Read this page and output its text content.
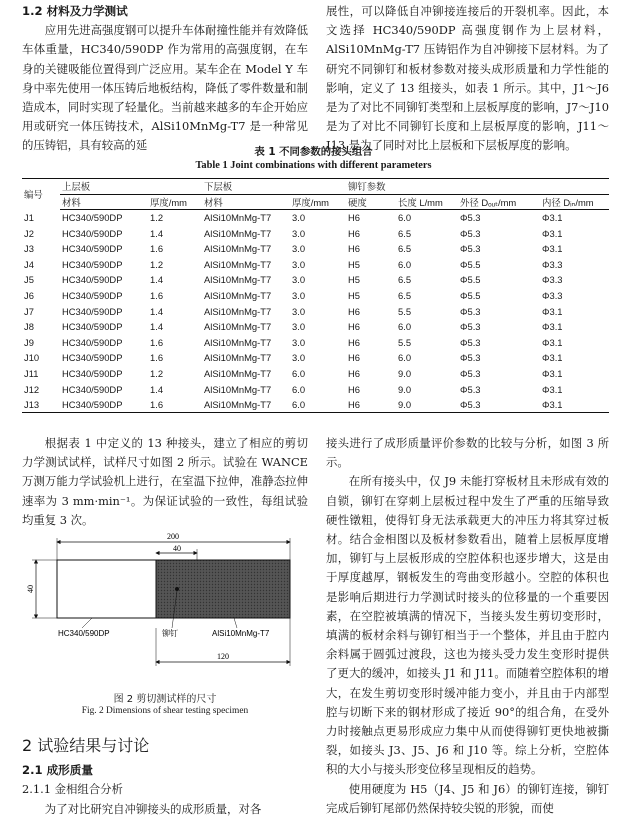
1.2 材料及力学测试
应用先进高强度钢可以提升车体耐撞性能并有效降低车体重量，HC340/590DP 作为常用的高强度钢，在车身的关键吸能位置得到广泛应用。某车企在 Model Y 车身中率先使用一体压铸后地板结构，降低了零件数量和制造成本，同时实现了轻量化。当前越来越多的车企开始应用或研究一体压铸技术，AlSi10MnMg-T7 是一种常见的压铸铝，具有较高的延
展性，可以降低自冲铆接连接后的开裂机率。因此，本文选择 HC340/590DP 高强度钢作为上层材料，AlSi10MnMg-T7 压铸铝作为自冲铆接下层材料。为了研究不同铆钉和板材参数对接头成形质量和力学性能的影响，定义了 13 组接头，如表 1 所示。其中，J1～J6 是为了对比不同铆钉类型和上层板厚度的影响，J7～J10 是为了对比不同铆钉长度和上层板厚度的影响，J11～J13 是为了同时对比上层板和下层板厚度的影响。
表 1 不同参数的接头组合
Table 1 Joint combinations with different parameters
编号	上层板		下层板		铆钉参数			
	材料	厚度/mm	材料	厚度/mm	硬度	长度 L/mm	外径 Dₒᵤₜ/mm	内径 Dᵢₙ/mm
J1	HC340/590DP	1.2	AlSi10MnMg-T7	3.0	H6	6.0	Φ5.3	Φ3.1
J2	HC340/590DP	1.4	AlSi10MnMg-T7	3.0	H6	6.5	Φ5.3	Φ3.1
J3	HC340/590DP	1.6	AlSi10MnMg-T7	3.0	H6	6.5	Φ5.3	Φ3.1
J4	HC340/590DP	1.2	AlSi10MnMg-T7	3.0	H5	6.0	Φ5.5	Φ3.3
J5	HC340/590DP	1.4	AlSi10MnMg-T7	3.0	H5	6.5	Φ5.5	Φ3.3
J6	HC340/590DP	1.6	AlSi10MnMg-T7	3.0	H5	6.5	Φ5.5	Φ3.3
J7	HC340/590DP	1.4	AlSi10MnMg-T7	3.0	H6	5.5	Φ5.3	Φ3.1
J8	HC340/590DP	1.4	AlSi10MnMg-T7	3.0	H6	6.0	Φ5.3	Φ3.1
J9	HC340/590DP	1.6	AlSi10MnMg-T7	3.0	H6	5.5	Φ5.3	Φ3.1
J10	HC340/590DP	1.6	AlSi10MnMg-T7	3.0	H6	6.0	Φ5.3	Φ3.1
J11	HC340/590DP	1.2	AlSi10MnMg-T7	6.0	H6	9.0	Φ5.3	Φ3.1
J12	HC340/590DP	1.4	AlSi10MnMg-T7	6.0	H6	9.0	Φ5.3	Φ3.1
J13	HC340/590DP	1.6	AlSi10MnMg-T7	6.0	H6	9.0	Φ5.3	Φ3.1
根据表 1 中定义的 13 种接头，建立了相应的剪切力学测试试样，试样尺寸如图 2 所示。试验在 WANCE 万测万能力学试验机上进行，在室温下拉伸，准静态拉伸速率为 3 mm·min⁻¹。为保证试验的一致性，每组试验均重复 3 次。
200
40
40
HC340/590DP	铆钉	AlSi10MnMg-T7
120
图 2 剪切测试样的尺寸
Fig. 2 Dimensions of shear testing specimen
2 试验结果与讨论
2.1 成形质量
2.1.1 金相组合分析
为了对比研究自冲铆接头的成形质量，对各
接头进行了成形质量评价参数的比较与分析，如图 3 所示。
在所有接头中，仅 J9 未能打穿板材且未形成有效的自锁，铆钉在穿刺上层板过程中发生了严重的压缩导致硬性镦粗，使得钉身无法承载更大的冲压力将其穿过板材。结合金相图以及板材参数看出，随着上层板厚度增加，铆钉与上层板形成的空腔体积也逐步增大，这是由于厚度越厚，钢板发生的弯曲变形越小。空腔的体积也是影响后期进行力学测试时接头的位移量的一个重要因素，在空腔被填满的情况下，当接头发生剪切变形时，填满的板材余料与铆钉相当于一个整体，并且由于腔内余料属于圆弧过渡段，这也为接头受力发生变形时提供了更大的缓冲，如接头 J1 和 J11。而随着空腔体积的增大，在发生剪切变形时缓冲能力变小，并且由于内部型腔与切断下来的钢材形成了接近 90°的组合角，在受外力时接触点更易形成应力集中从而使得铆钉更快地被撕裂，如接头 J3、J5、J6 和 J10 等。综上分析，空腔体积的大小与接头形变位移呈现相反的趋势。
使用硬度为 H5（J4、J5 和 J6）的铆钉连接，铆钉完成后铆钉尾部仍然保持较尖锐的形貌，而使
